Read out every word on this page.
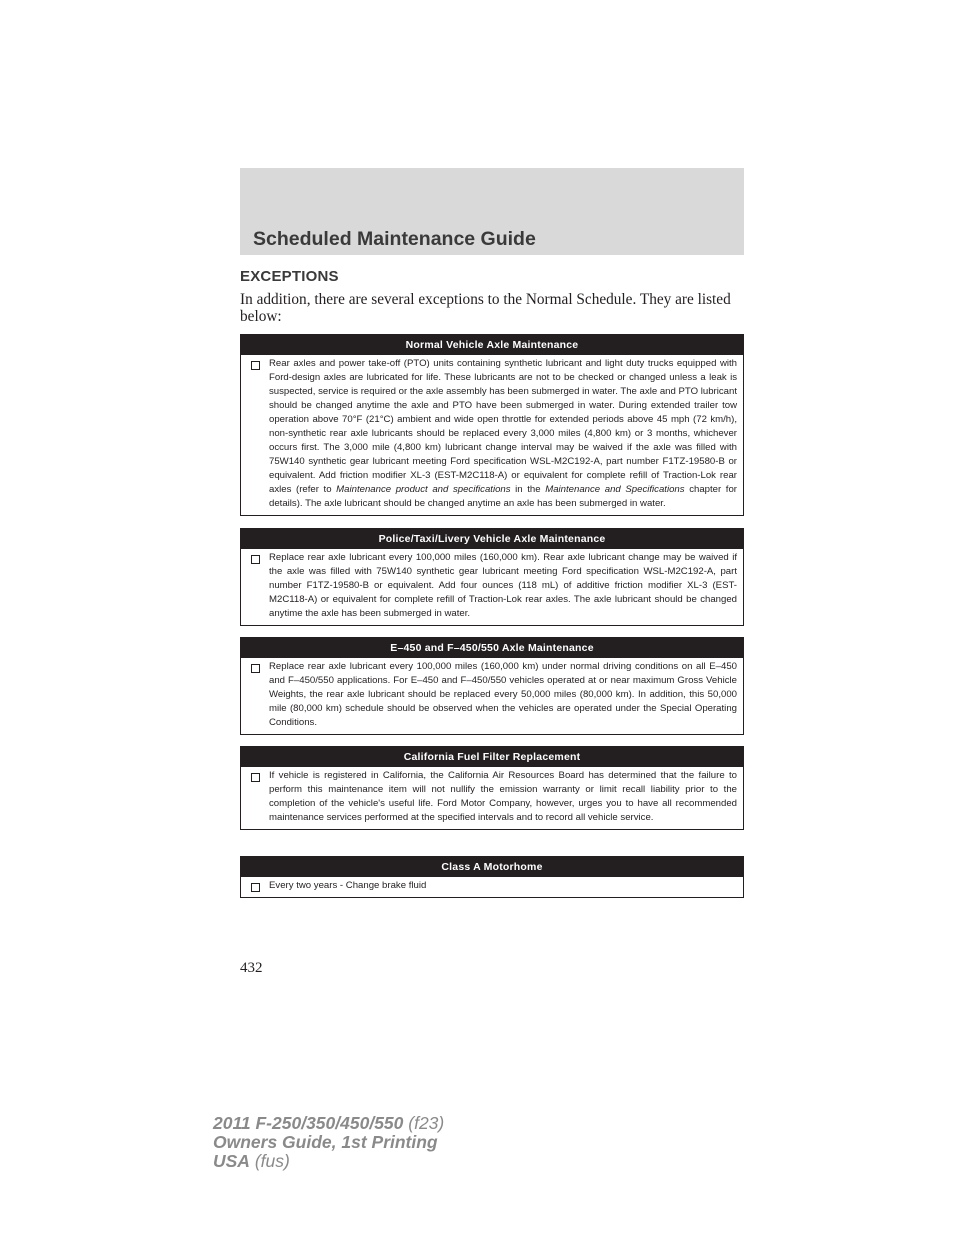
Scheduled Maintenance Guide
EXCEPTIONS
In addition, there are several exceptions to the Normal Schedule. They are listed below:
Normal Vehicle Axle Maintenance
Rear axles and power take-off (PTO) units containing synthetic lubricant and light duty trucks equipped with Ford-design axles are lubricated for life. These lubricants are not to be checked or changed unless a leak is suspected, service is required or the axle assembly has been submerged in water. The axle and PTO lubricant should be changed anytime the axle and PTO have been submerged in water. During extended trailer tow operation above 70°F (21°C) ambient and wide open throttle for extended periods above 45 mph (72 km/h), non-synthetic rear axle lubricants should be replaced every 3,000 miles (4,800 km) or 3 months, whichever occurs first. The 3,000 mile (4,800 km) lubricant change interval may be waived if the axle was filled with 75W140 synthetic gear lubricant meeting Ford specification WSL-M2C192-A, part number F1TZ-19580-B or equivalent. Add friction modifier XL-3 (EST-M2C118-A) or equivalent for complete refill of Traction-Lok rear axles (refer to Maintenance product and specifications in the Maintenance and Specifications chapter for details). The axle lubricant should be changed anytime an axle has been submerged in water.
Police/Taxi/Livery Vehicle Axle Maintenance
Replace rear axle lubricant every 100,000 miles (160,000 km). Rear axle lubricant change may be waived if the axle was filled with 75W140 synthetic gear lubricant meeting Ford specification WSL-M2C192-A, part number F1TZ-19580-B or equivalent. Add four ounces (118 mL) of additive friction modifier XL-3 (EST-M2C118-A) or equivalent for complete refill of Traction-Lok rear axles. The axle lubricant should be changed anytime the axle has been submerged in water.
E–450 and F–450/550 Axle Maintenance
Replace rear axle lubricant every 100,000 miles (160,000 km) under normal driving conditions on all E–450 and F–450/550 applications. For E–450 and F–450/550 vehicles operated at or near maximum Gross Vehicle Weights, the rear axle lubricant should be replaced every 50,000 miles (80,000 km). In addition, this 50,000 mile (80,000 km) schedule should be observed when the vehicles are operated under the Special Operating Conditions.
California Fuel Filter Replacement
If vehicle is registered in California, the California Air Resources Board has determined that the failure to perform this maintenance item will not nullify the emission warranty or limit recall liability prior to the completion of the vehicle's useful life. Ford Motor Company, however, urges you to have all recommended maintenance services performed at the specified intervals and to record all vehicle service.
Class A Motorhome
Every two years - Change brake fluid
432
2011 F-250/350/450/550 (f23)
Owners Guide, 1st Printing
USA (fus)
